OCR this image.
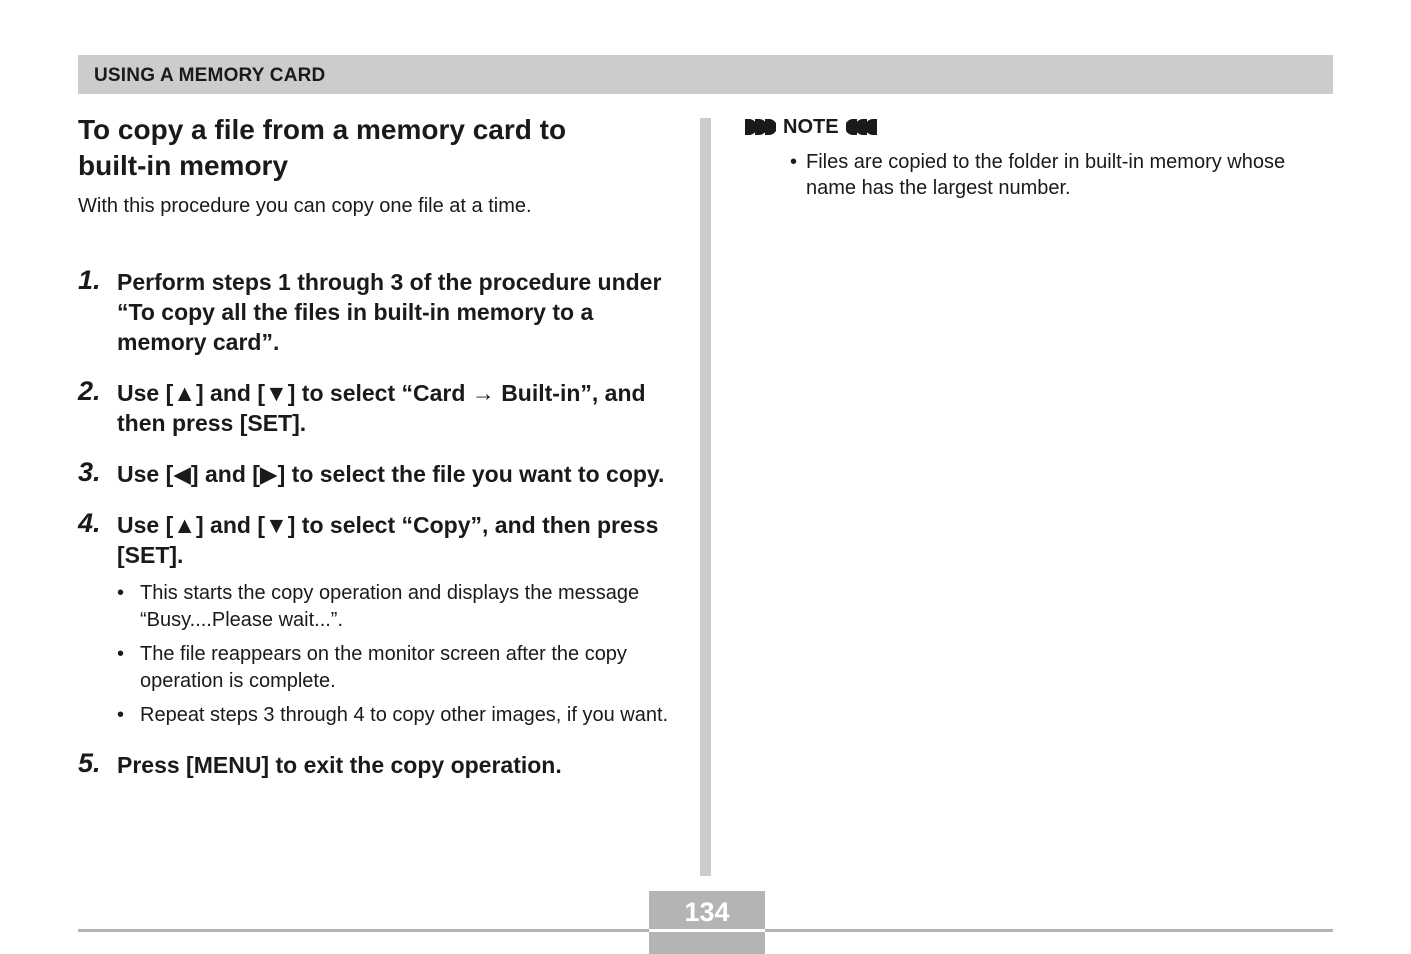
USING A MEMORY CARD
To copy a file from a memory card to
built-in memory

With this procedure you can copy one file at a time.

1. Perform steps 1 through 3 of the procedure under “To copy all the files in built-in memory to a memory card”.
2. Use [▲] and [▼] to select “Card → Built-in”, and then press [SET].
3. Use [◀] and [▶] to select the file you want to copy.
4. Use [▲] and [▼] to select “Copy”, and then press [SET].
• This starts the copy operation and displays the message “Busy....Please wait...”.
• The file reappears on the monitor screen after the copy operation is complete.
• Repeat steps 3 through 4 to copy other images, if you want.
5. Press [MENU] to exit the copy operation.
NOTE
• Files are copied to the folder in built-in memory whose name has the largest number.
134
